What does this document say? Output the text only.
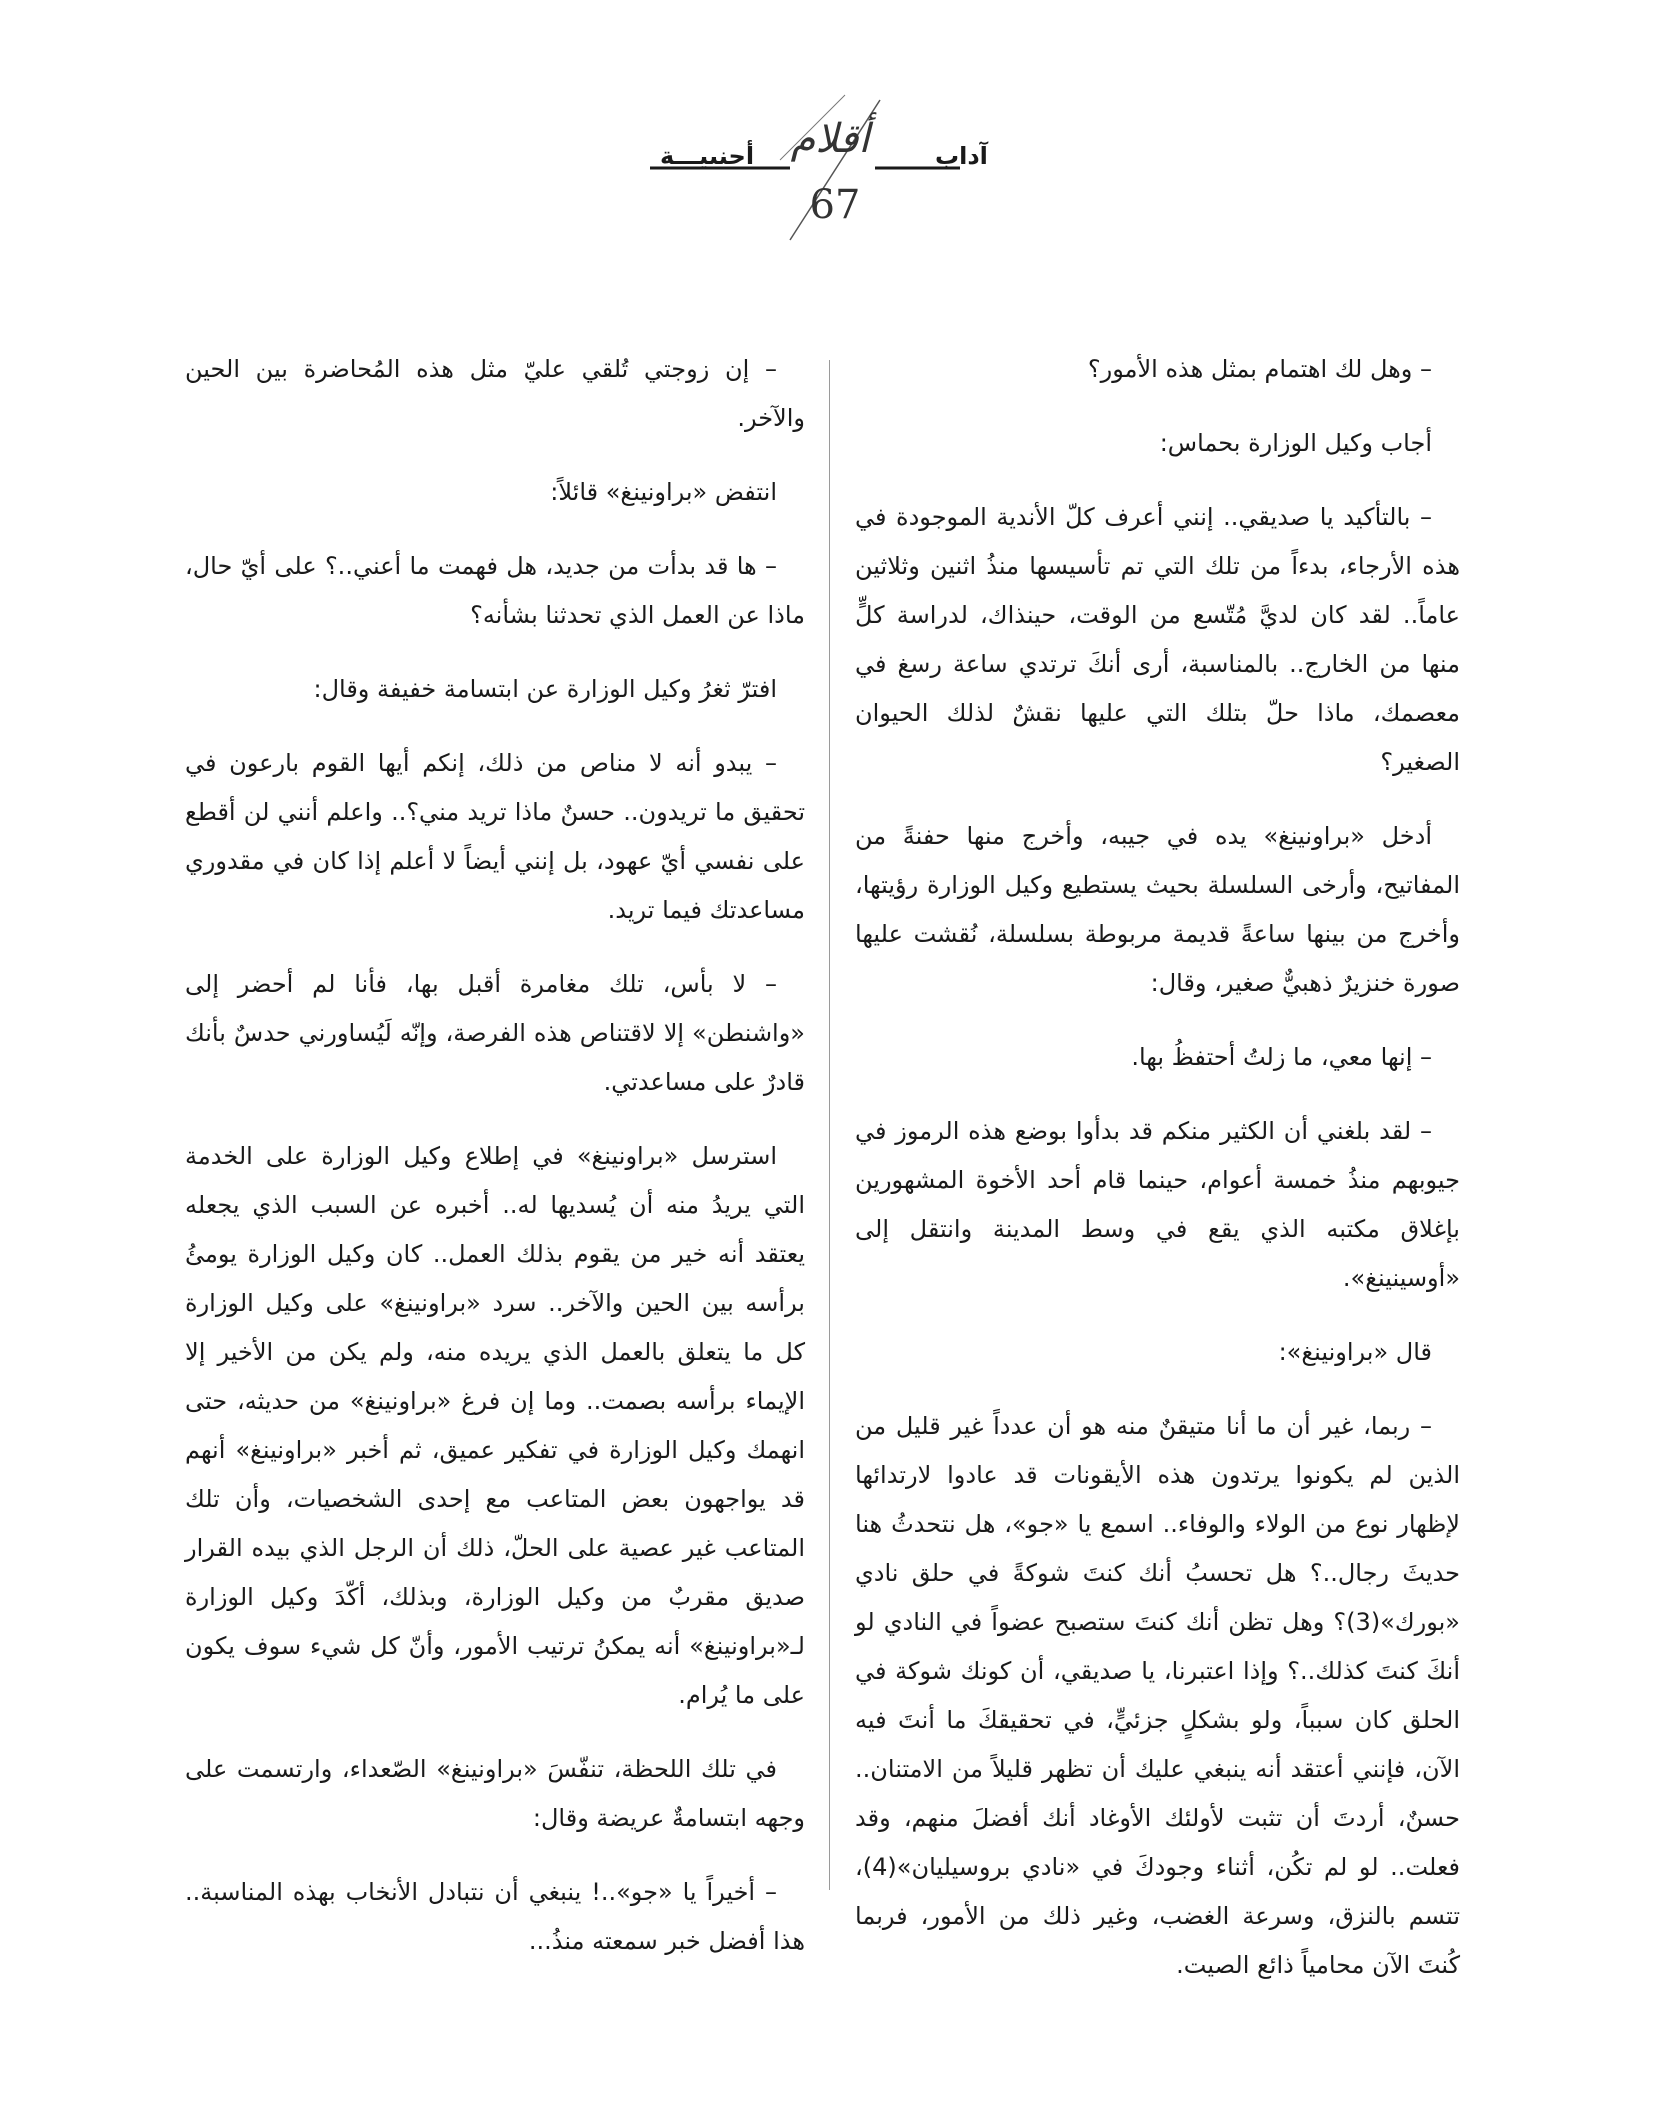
أقلام	آداب
أجنبيـــة
67

– وهل لك اهتمام بمثل هذه الأمور؟

أجاب وكيل الوزارة بحماس:

– بالتأكيد يا صديقي.. إنني أعرف كلّ الأندية الموجودة في هذه الأرجاء، بدءاً من تلك التي تم تأسيسها منذُ اثنين وثلاثين عاماً.. لقد كان لديَّ مُتّسع من الوقت، حينذاك، لدراسة كلٍّ منها من الخارج.. بالمناسبة، أرى أنكَ ترتدي ساعة رسغ في معصمك، ماذا حلّ بتلك التي عليها نقشٌ لذلك الحيوان الصغير؟

أدخل «براونينغ» يده في جيبه، وأخرج منها حفنةً من المفاتيح، وأرخى السلسلة بحيث يستطيع وكيل الوزارة رؤيتها، وأخرج من بينها ساعةً قديمة مربوطة بسلسلة، نُقشت عليها صورة خنزيرٌ ذهبيٌّ صغير، وقال:

– إنها معي، ما زلتُ أحتفظُ بها.

– لقد بلغني أن الكثير منكم قد بدأوا بوضع هذه الرموز في جيوبهم منذُ خمسة أعوام، حينما قام أحد الأخوة المشهورين بإغلاق مكتبه الذي يقع في وسط المدينة وانتقل إلى «أوسينينغ».

قال «براونينغ»:

– ربما، غير أن ما أنا متيقنٌ منه هو أن عدداً غير قليل من الذين لم يكونوا يرتدون هذه الأيقونات قد عادوا لارتدائها لإظهار نوع من الولاء والوفاء.. اسمع يا «جو»، هل نتحدثُ هنا حديثَ رجال..؟ هل تحسبُ أنك كنتَ شوكةً في حلق نادي «بورك»(3)؟ وهل تظن أنك كنتَ ستصبح عضواً في النادي لو أنكَ كنتَ كذلك..؟ وإذا اعتبرنا، يا صديقي، أن كونك شوكة في الحلق كان سبباً، ولو بشكلٍ جزئيٍّ، في تحقيقكَ ما أنتَ فيه الآن، فإنني أعتقد أنه ينبغي عليك أن تظهر قليلاً من الامتنان.. حسنٌ، أردتَ أن تثبت لأولئك الأوغاد أنك أفضلَ منهم، وقد فعلت.. لو لم تكُن، أثناء وجودكَ في «نادي بروسيليان»(4)، تتسم بالنزق، وسرعة الغضب، وغير ذلك من الأمور، فربما كُنتَ الآن محامياً ذائع الصيت.

– إن زوجتي تُلقي عليّ مثل هذه المُحاضرة بين الحين والآخر.

انتفض «براونينغ» قائلاً:

– ها قد بدأت من جديد، هل فهمت ما أعني..؟ على أيّ حال، ماذا عن العمل الذي تحدثنا بشأنه؟

افترّ ثغرُ وكيل الوزارة عن ابتسامة خفيفة وقال:

– يبدو أنه لا مناص من ذلك، إنكم أيها القوم بارعون في تحقيق ما تريدون.. حسنٌ ماذا تريد مني؟.. واعلم أنني لن أقطع على نفسي أيّ عهود، بل إنني أيضاً لا أعلم إذا كان في مقدوري مساعدتك فيما تريد.

– لا بأس، تلك مغامرة أقبل بها، فأنا لم أحضر إلى «واشنطن» إلا لاقتناص هذه الفرصة، وإنّه لَيُساورني حدسٌ بأنك قادرٌ على مساعدتي.

استرسل «براونينغ» في إطلاع وكيل الوزارة على الخدمة التي يريدُ منه أن يُسديها له.. أخبره عن السبب الذي يجعله يعتقد أنه خير من يقوم بذلك العمل.. كان وكيل الوزارة يومئُ برأسه بين الحين والآخر.. سرد «براونينغ» على وكيل الوزارة كل ما يتعلق بالعمل الذي يريده منه، ولم يكن من الأخير إلا الإيماء برأسه بصمت.. وما إن فرغ «براونينغ» من حديثه، حتى انهمك وكيل الوزارة في تفكير عميق، ثم أخبر «براونينغ» أنهم قد يواجهون بعض المتاعب مع إحدى الشخصيات، وأن تلك المتاعب غير عصية على الحلّ، ذلك أن الرجل الذي بيده القرار صديق مقربٌ من وكيل الوزارة، وبذلك، أكّدَ وكيل الوزارة لـ«براونينغ» أنه يمكنُ ترتيب الأمور، وأنّ كل شيء سوف يكون على ما يُرام.

في تلك اللحظة، تنفّسَ «براونينغ» الصّعداء، وارتسمت على وجهه ابتسامةٌ عريضة وقال:

– أخيراً يا «جو»..! ينبغي أن نتبادل الأنخاب بهذه المناسبة.. هذا أفضل خبر سمعته منذُ...
